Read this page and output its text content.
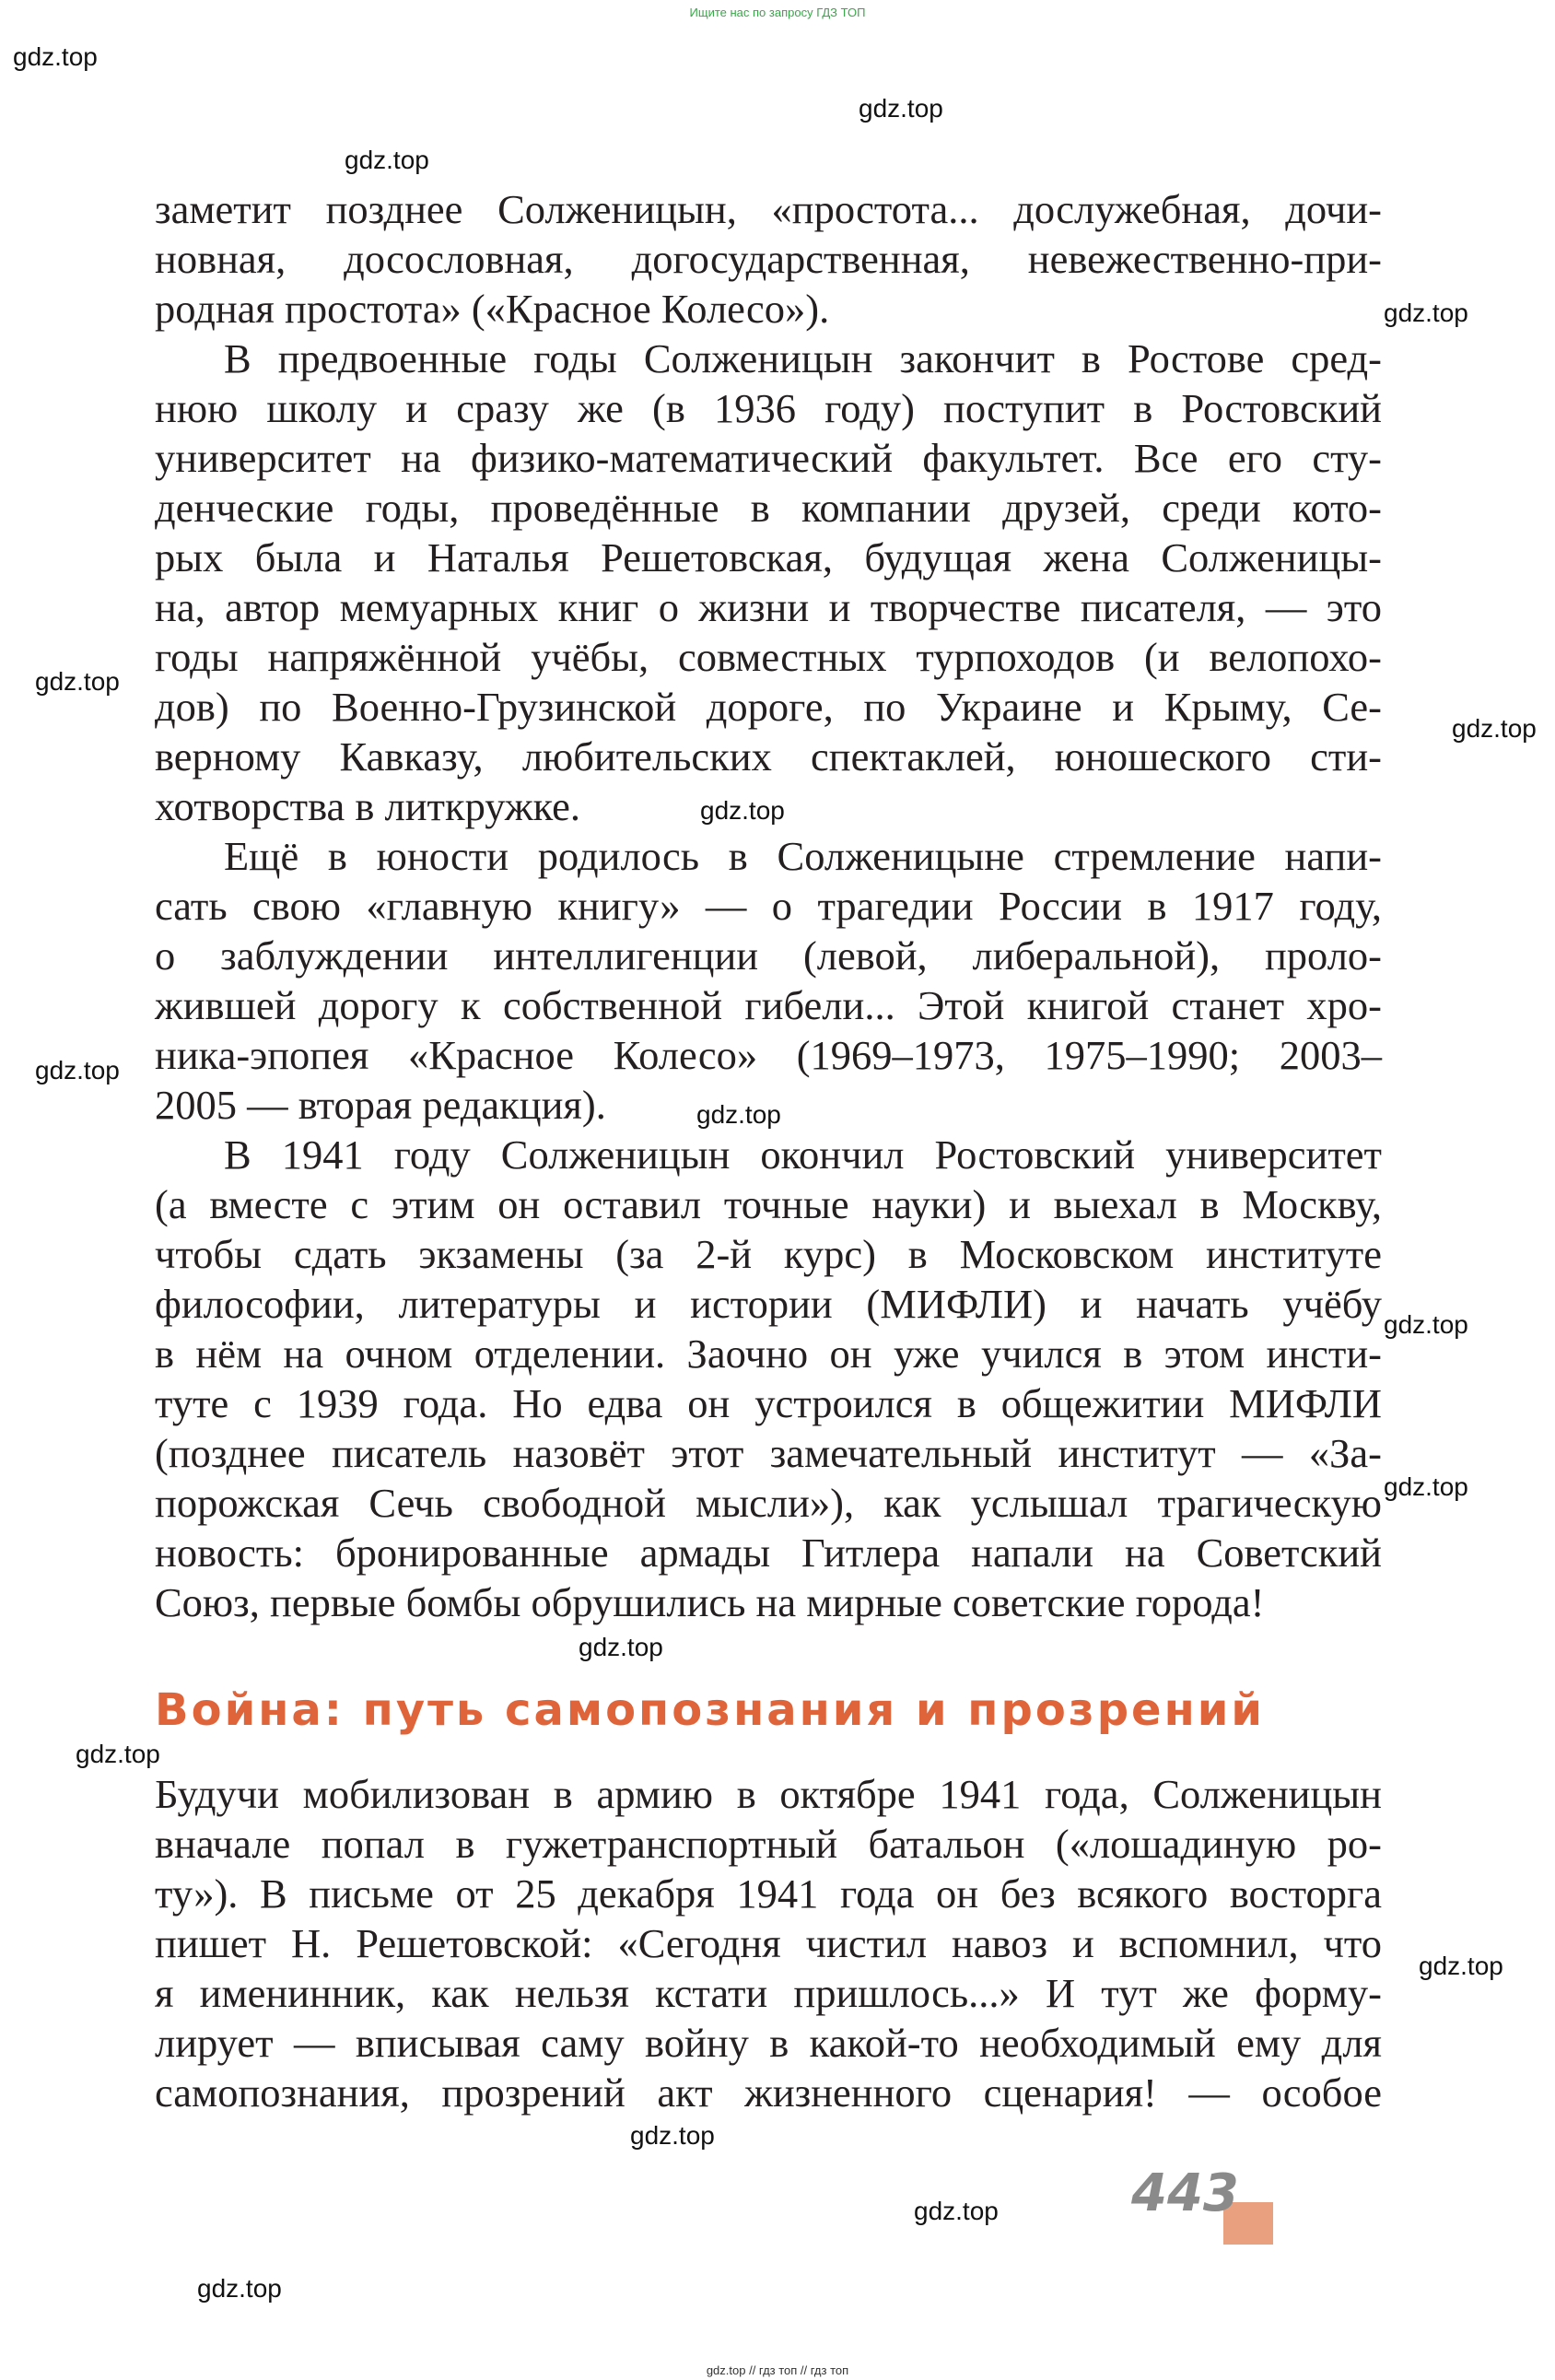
Ищите нас по запросу ГДЗ ТОП
gdz.top
gdz.top
gdz.top
gdz.top
gdz.top
gdz.top
gdz.top
gdz.top
gdz.top
gdz.top
gdz.top
gdz.top
gdz.top
gdz.top
gdz.top
gdz.top
gdz.top
заметит позднее Солженицын, «простота... дослужебная, дочи-
новная, досословная, догосударственная, невежественно-при-
родная простота» («Красное Колесо»).
В предвоенные годы Солженицын закончит в Ростове сред-
нюю школу и сразу же (в 1936 году) поступит в Ростовский
университет на физико-математический факультет. Все его сту-
денческие годы, проведённые в компании друзей, среди кото-
рых была и Наталья Решетовская, будущая жена Солженицы-
на, автор мемуарных книг о жизни и творчестве писателя, — это
годы напряжённой учёбы, совместных турпоходов (и велопохо-
дов) по Военно-Грузинской дороге, по Украине и Крыму, Се-
верному Кавказу, любительских спектаклей, юношеского сти-
хотворства в литкружке.
Ещё в юности родилось в Солженицыне стремление напи-
сать свою «главную книгу» — о трагедии России в 1917 году,
о заблуждении интеллигенции (левой, либеральной), проло-
жившей дорогу к собственной гибели... Этой книгой станет хро-
ника-эпопея «Красное Колесо» (1969–1973, 1975–1990; 2003–
2005 — вторая редакция).
В 1941 году Солженицын окончил Ростовский университет
(а вместе с этим он оставил точные науки) и выехал в Москву,
чтобы сдать экзамены (за 2-й курс) в Московском институте
философии, литературы и истории (МИФЛИ) и начать учёбу
в нём на очном отделении. Заочно он уже учился в этом инсти-
туте с 1939 года. Но едва он устроился в общежитии МИФЛИ
(позднее писатель назовёт этот замечательный институт — «За-
порожская Сечь свободной мысли»), как услышал трагическую
новость: бронированные армады Гитлера напали на Советский
Союз, первые бомбы обрушились на мирные советские города!
Война: путь самопознания и прозрений
Будучи мобилизован в армию в октябре 1941 года, Солженицын
вначале попал в гужетранспортный батальон («лошадиную ро-
ту»). В письме от 25 декабря 1941 года он без всякого восторга
пишет Н. Решетовской: «Сегодня чистил навоз и вспомнил, что
я именинник, как нельзя кстати пришлось...» И тут же форму-
лирует — вписывая саму войну в какой-то необходимый ему для
самопознания, прозрений акт жизненного сценария! — особое
443
gdz.top // гдз топ // гдз топ
